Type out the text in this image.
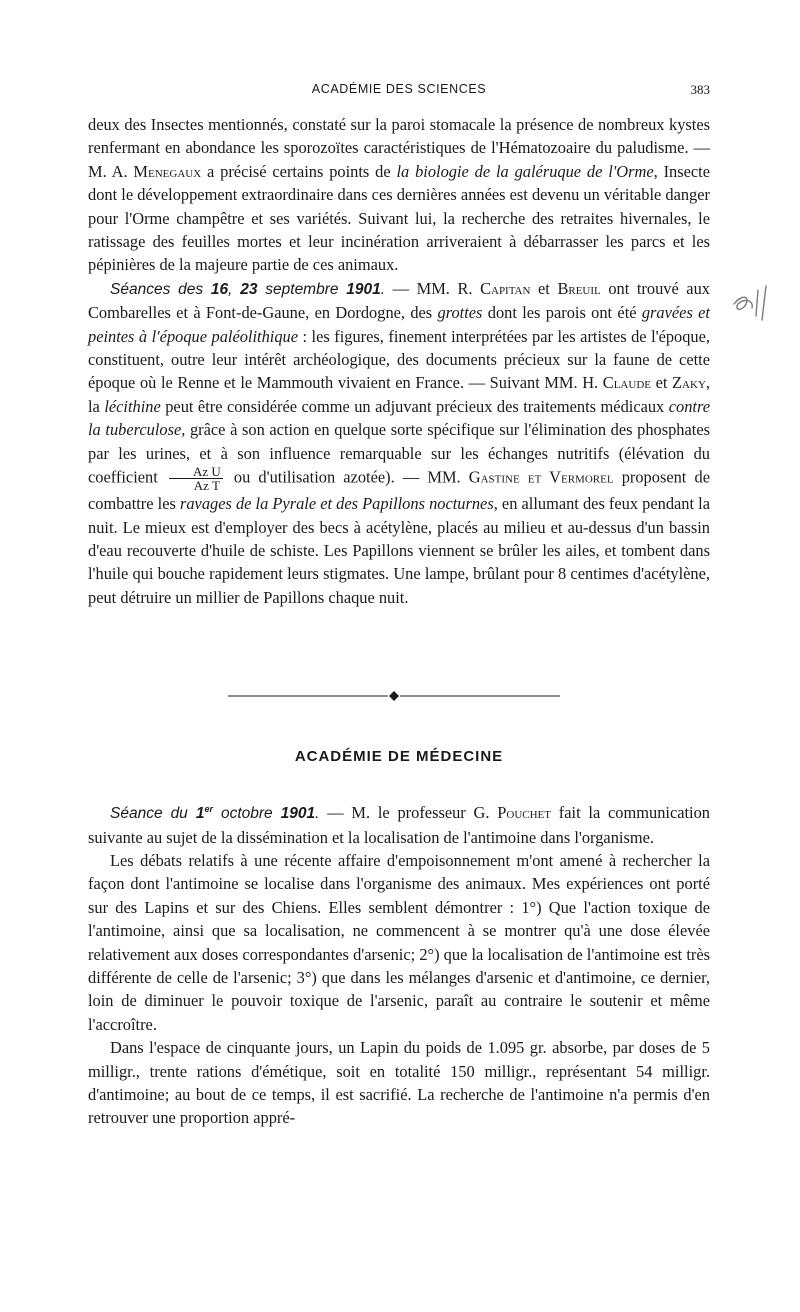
ACADÉMIE DES SCIENCES	383

deux des Insectes mentionnés, constaté sur la paroi stomacale la présence de nombreux kystes renfermant en abondance les sporozoïtes caractéristiques de l'Hématozoaire du paludisme. — M. A. Menegaux a précisé certains points de la biologie de la galéruque de l'Orme, Insecte dont le développement extraordinaire dans ces dernières années est devenu un véritable danger pour l'Orme champêtre et ses variétés. Suivant lui, la recherche des retraites hivernales, le ratissage des feuilles mortes et leur incinération arriveraient à débarrasser les parcs et les pépinières de la majeure partie de ces animaux.

Séances des 16, 23 septembre 1901. — MM. R. Capitan et Breuil ont trouvé aux Combarelles et à Font-de-Gaune, en Dordogne, des grottes dont les parois ont été gravées et peintes à l'époque paléolithique : les figures, finement interprétées par les artistes de l'époque, constituent, outre leur intérêt archéologique, des documents précieux sur la faune de cette époque où le Renne et le Mammouth vivaient en France. — Suivant MM. H. Claude et Zaky, la lécithine peut être considérée comme un adjuvant précieux des traitements médicaux contre la tuberculose, grâce à son action en quelque sorte spécifique sur l'élimination des phosphates par les urines, et à son influence remarquable sur les échanges nutritifs (élévation du coefficient $\frac{\text{Az U}}{\text{Az T}}$ ou d'utilisation azotée). — MM. Gastine et Vermorel proposent de combattre les ravages de la Pyrale et des Papillons nocturnes, en allumant des feux pendant la nuit. Le mieux est d'employer des becs à acétylène, placés au milieu et au-dessus d'un bassin d'eau recouverte d'huile de schiste. Les Papillons viennent se brûler les ailes, et tombent dans l'huile qui bouche rapidement leurs stigmates. Une lampe, brûlant pour 8 centimes d'acétylène, peut détruire un millier de Papillons chaque nuit.

ACADÉMIE DE MÉDECINE

Séance du 1er octobre 1901. — M. le professeur G. Pouchet fait la communication suivante au sujet de la dissémination et la localisation de l'antimoine dans l'organisme.

Les débats relatifs à une récente affaire d'empoisonnement m'ont amené à rechercher la façon dont l'antimoine se localise dans l'organisme des animaux. Mes expériences ont porté sur des Lapins et sur des Chiens. Elles semblent démontrer : 1°) Que l'action toxique de l'antimoine, ainsi que sa localisation, ne commencent à se montrer qu'à une dose élevée relativement aux doses correspondantes d'arsenic; 2°) que la localisation de l'antimoine est très différente de celle de l'arsenic; 3°) que dans les mélanges d'arsenic et d'antimoine, ce dernier, loin de diminuer le pouvoir toxique de l'arsenic, paraît au contraire le soutenir et même l'accroître.

Dans l'espace de cinquante jours, un Lapin du poids de 1.095 gr. absorbe, par doses de 5 milligr., trente rations d'émétique, soit en totalité 150 milligr., représentant 54 milligr. d'antimoine; au bout de ce temps, il est sacrifié. La recherche de l'antimoine n'a permis d'en retrouver une proportion appré-
